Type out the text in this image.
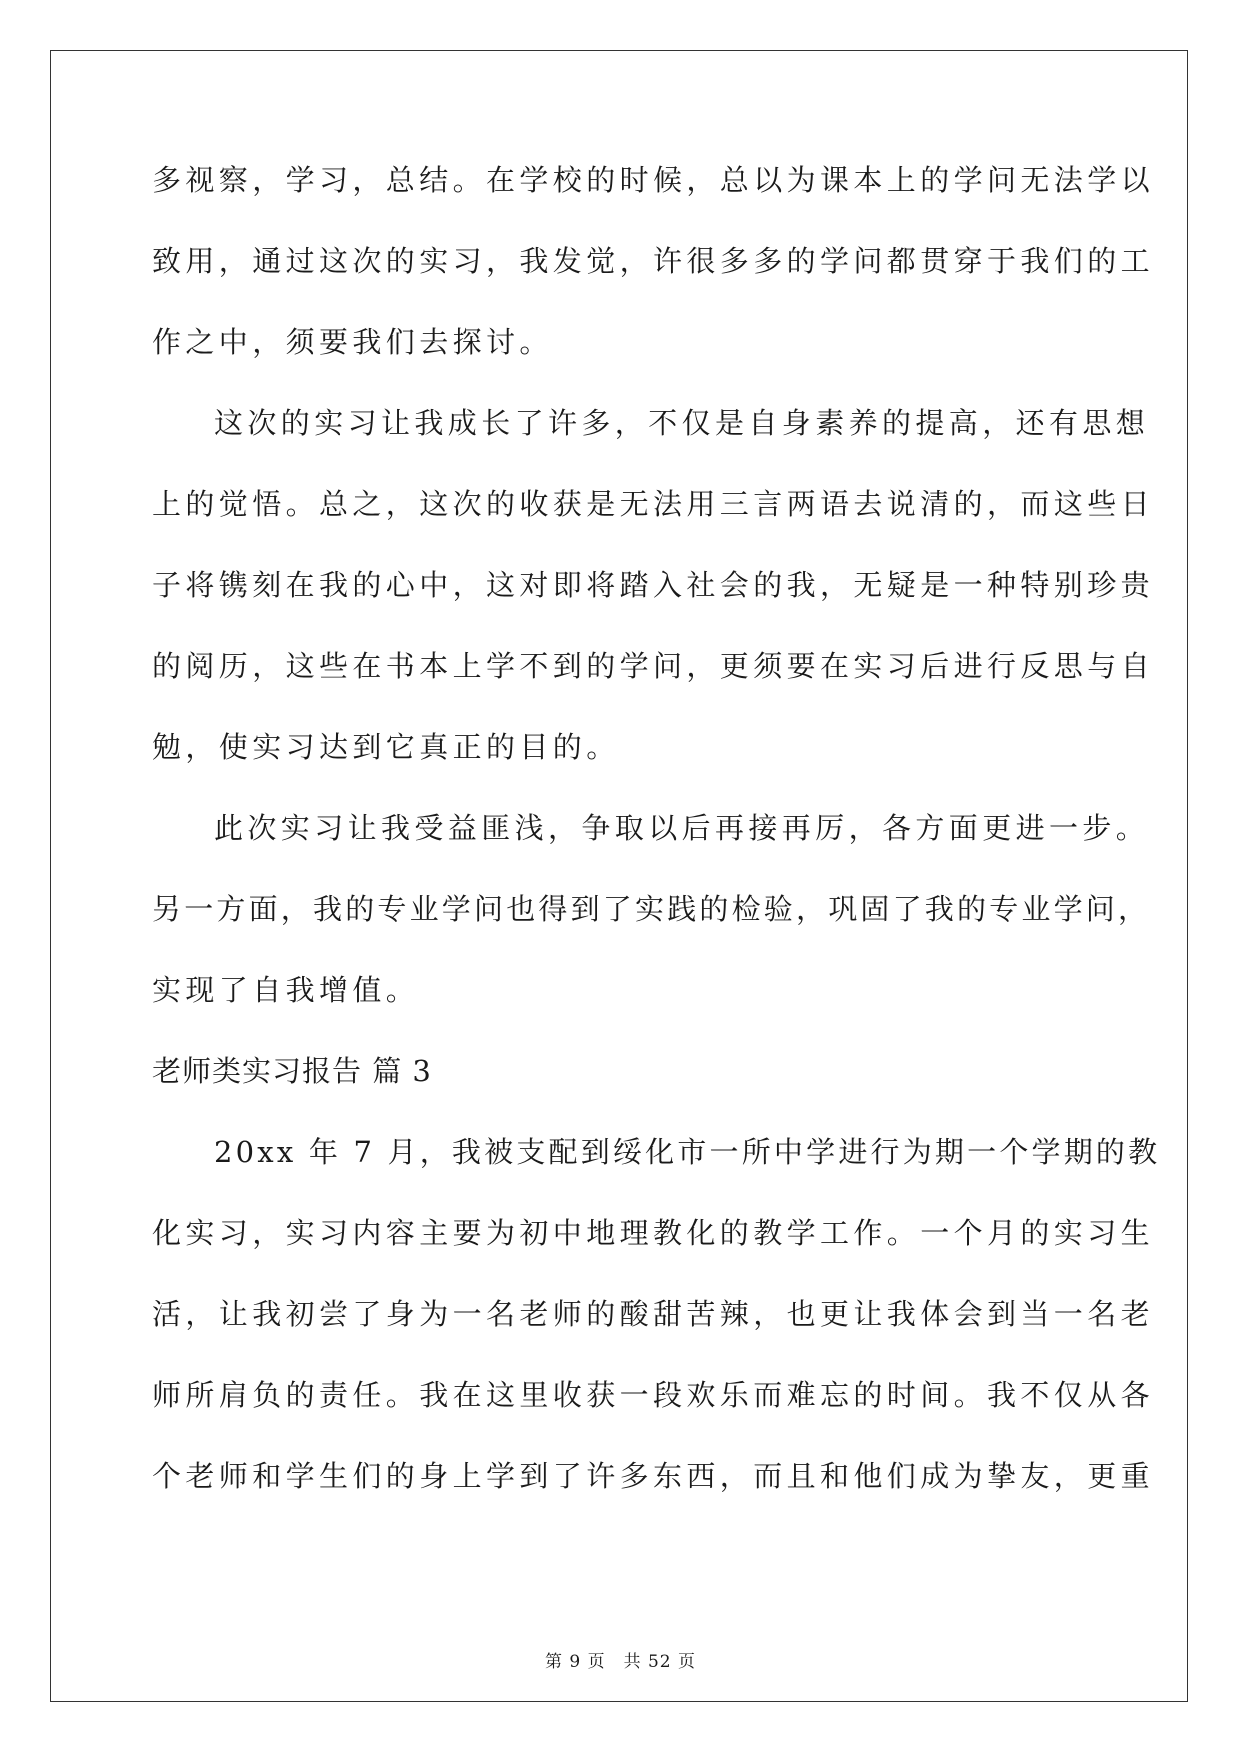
多视察，学习，总结。在学校的时候，总以为课本上的学问无法学以
致用，通过这次的实习，我发觉，许很多多的学问都贯穿于我们的工
作之中，须要我们去探讨。
这次的实习让我成长了许多，不仅是自身素养的提高，还有思想
上的觉悟。总之，这次的收获是无法用三言两语去说清的，而这些日
子将镌刻在我的心中，这对即将踏入社会的我，无疑是一种特别珍贵
的阅历，这些在书本上学不到的学问，更须要在实习后进行反思与自
勉，使实习达到它真正的目的。
此次实习让我受益匪浅，争取以后再接再厉，各方面更进一步。
另一方面，我的专业学问也得到了实践的检验，巩固了我的专业学问，
实现了自我增值。
老师类实习报告 篇 3
20xx 年 7 月，我被支配到绥化市一所中学进行为期一个学期的教
化实习，实习内容主要为初中地理教化的教学工作。一个月的实习生
活，让我初尝了身为一名老师的酸甜苦辣，也更让我体会到当一名老
师所肩负的责任。我在这里收获一段欢乐而难忘的时间。我不仅从各
个老师和学生们的身上学到了许多东西，而且和他们成为挚友，更重
第 9 页 共 52 页
